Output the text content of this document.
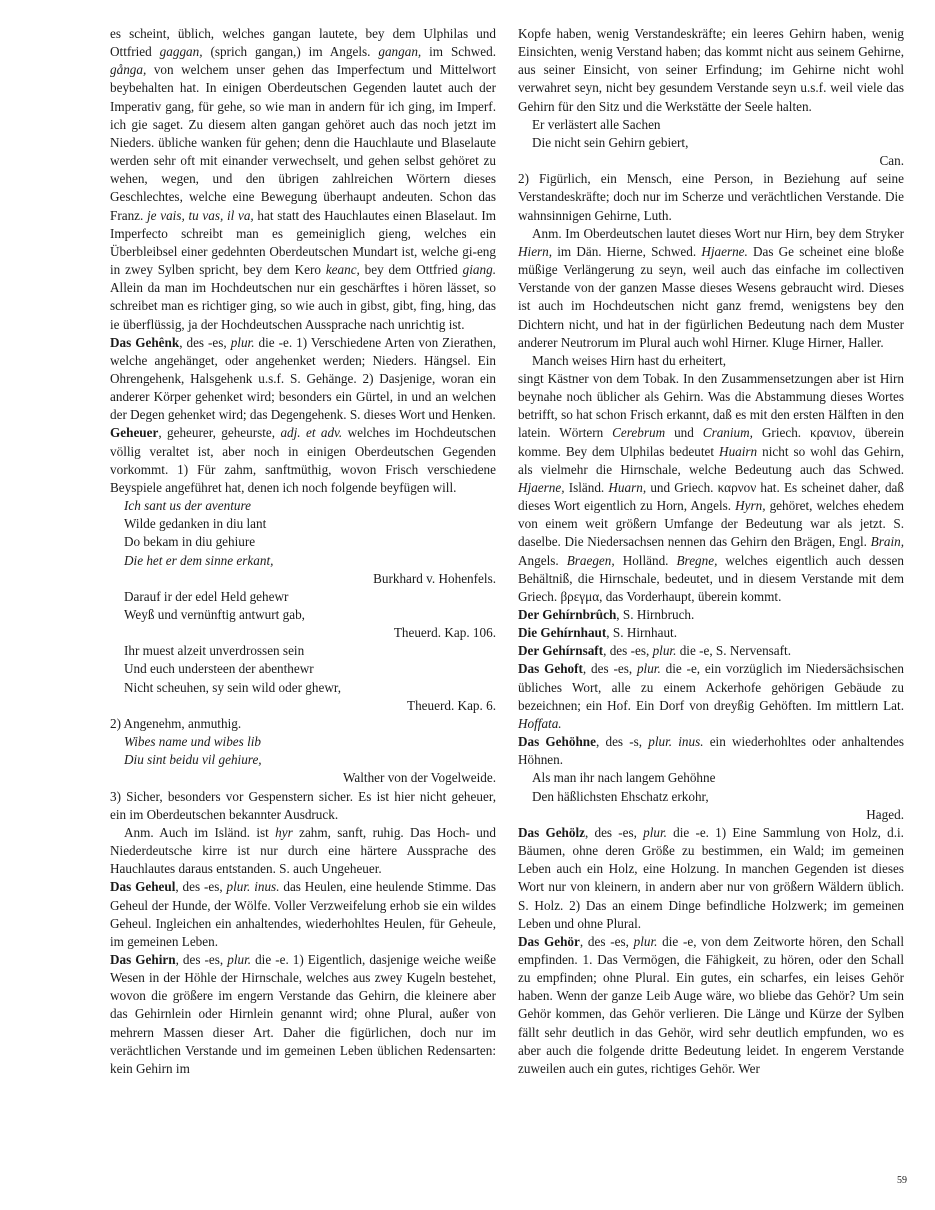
es scheint, üblich, welches gangan lautete, bey dem Ulphilas und Ottfried gaggan, (sprich gangan,) im Angels. gangan, im Schwed. gånga, von welchem unser gehen das Imperfectum und Mittelwort beybehalten hat. In einigen Oberdeutschen Gegenden lautet auch der Imperativ gang, für gehe, so wie man in andern für ich ging, im Imperf. ich gie saget. Zu diesem alten gangan gehöret auch das noch jetzt im Nieders. übliche wanken für gehen; denn die Hauchlaute und Blaselaute werden sehr oft mit einander verwechselt, und gehen selbst gehöret zu wehen, wegen, und den übrigen zahlreichen Wörtern dieses Geschlechtes, welche eine Bewegung überhaupt andeuten. Schon das Franz. je vais, tu vas, il va, hat statt des Hauchlautes einen Blaselaut. Im Imperfecto schreibt man es gemeiniglich gieng, welches ein Überbleibsel einer gedehnten Oberdeutschen Mundart ist, welche gi-eng in zwey Sylben spricht, bey dem Kero keanc, bey dem Ottfried giang. Allein da man im Hochdeutschen nur ein geschärftes i hören lässet, so schreibet man es richtiger ging, so wie auch in gibst, gibt, fing, hing, das ie überflüssig, ja der Hochdeutschen Aussprache nach unrichtig ist.

Das Gehênk, des -es, plur. die -e. 1) Verschiedene Arten von Zierathen, welche angehänget, oder angehenket werden; Nieders. Hängsel. Ein Ohrengehenk, Halsgehenk u.s.f. S. Gehänge. 2) Dasjenige, woran ein anderer Körper gehenket wird; besonders ein Gürtel, in und an welchen der Degen gehenket wird; das Degengehenk. S. dieses Wort und Henken.

Geheuer, geheurer, geheurste, adj. et adv. welches im Hochdeutschen völlig veraltet ist, aber noch in einigen Oberdeutschen Gegenden vorkommt. 1) Für zahm, sanftmüthig, wovon Frisch verschiedene Beyspiele angeführet hat, denen ich noch folgende beyfügen will.

Ich sant us der aventure
Wilde gedanken in diu lant
Do bekam in diu gehiure
Die het er dem sinne erkant,
Burkhard v. Hohenfels.
Darauf ir der edel Held gehewr
Weyß und vernünftig antwurt gab,
Theuerd. Kap. 106.
Ihr muest alzeit unverdrossen sein
Und euch understeen der abenthewr
Nicht scheuhen, sy sein wild oder ghewr,
Theuerd. Kap. 6.

2) Angenehm, anmuthig.

Wibes name und wibes lib
Diu sint beidu vil gehiure,
Walther von der Vogelweide.

3) Sicher, besonders vor Gespenstern sicher. Es ist hier nicht geheuer, ein im Oberdeutschen bekannter Ausdruck.

Anm. Auch im Isländ. ist hyr zahm, sanft, ruhig. Das Hoch- und Niederdeutsche kirre ist nur durch eine härtere Aussprache des Hauchlautes daraus entstanden. S. auch Ungeheuer.

Das Geheul, des -es, plur. inus. das Heulen, eine heulende Stimme. Das Geheul der Hunde, der Wölfe. Voller Verzweifelung erhob sie ein wildes Geheul. Ingleichen ein anhaltendes, wiederhohltes Heulen, für Geheule, im gemeinen Leben.

Das Gehirn, des -es, plur. die -e. 1) Eigentlich, dasjenige weiche weiße Wesen in der Höhle der Hirnschale, welches aus zwey Kugeln bestehet, wovon die größere im engern Verstande das Gehirn, die kleinere aber das Gehirnlein oder Hirnlein genannt wird; ohne Plural, außer von mehrern Massen dieser Art. Daher die figürlichen, doch nur im verächtlichen Verstande und im gemeinen Leben üblichen Redensarten: kein Gehirn im

Kopfe haben, wenig Verstandeskräfte; ein leeres Gehirn haben, wenig Einsichten, wenig Verstand haben; das kommt nicht aus seinem Gehirne, aus seiner Einsicht, von seiner Erfindung; im Gehirne nicht wohl verwahret seyn, nicht bey gesundem Verstande seyn u.s.f. weil viele das Gehirn für den Sitz und die Werkstätte der Seele halten.

Er verlästert alle Sachen
Die nicht sein Gehirn gebiert,
Can.

2) Figürlich, ein Mensch, eine Person, in Beziehung auf seine Verstandeskräfte; doch nur im Scherze und verächtlichen Verstande. Die wahnsinnigen Gehirne, Luth.

Anm. Im Oberdeutschen lautet dieses Wort nur Hirn, bey dem Stryker Hiern, im Dän. Hierne, Schwed. Hjaerne. Das Ge scheinet eine bloße müßige Verlängerung zu seyn, weil auch das einfache im collectiven Verstande von der ganzen Masse dieses Wesens gebraucht wird. Dieses ist auch im Hochdeutschen nicht ganz fremd, wenigstens bey den Dichtern nicht, und hat in der figürlichen Bedeutung nach dem Muster anderer Neutrorum im Plural auch wohl Hirner. Kluge Hirner, Haller.

Manch weises Hirn hast du erheitert,

singt Kästner von dem Tobak. In den Zusammensetzungen aber ist Hirn beynahe noch üblicher als Gehirn. Was die Abstammung dieses Wortes betrifft, so hat schon Frisch erkannt, daß es mit den ersten Hälften in den latein. Wörtern Cerebrum und Cranium, Griech. κρανιον, überein komme. Bey dem Ulphilas bedeutet Huairn nicht so wohl das Gehirn, als vielmehr die Hirnschale, welche Bedeutung auch das Schwed. Hjaerne, Isländ. Huarn, und Griech. καρνον hat. Es scheinet daher, daß dieses Wort eigentlich zu Horn, Angels. Hyrn, gehöret, welches ehedem von einem weit größern Umfange der Bedeutung war als jetzt. S. daselbe. Die Niedersachsen nennen das Gehirn den Brägen, Engl. Brain, Angels. Braegen, Holländ. Bregne, welches eigentlich auch dessen Behältniß, die Hirnschale, bedeutet, und in diesem Verstande mit dem Griech. βρεγμα, das Vorderhaupt, überein kommt.

Der Gehírnbrûch, S. Hirnbruch.

Die Gehírnhaut, S. Hirnhaut.

Der Gehírnsaft, des -es, plur. die -e, S. Nervensaft.

Das Gehoft, des -es, plur. die -e, ein vorzüglich im Niedersächsischen übliches Wort, alle zu einem Ackerhofe gehörigen Gebäude zu bezeichnen; ein Hof. Ein Dorf von dreyßig Gehöften. Im mittlern Lat. Hoffata.

Das Gehöhne, des -s, plur. inus. ein wiederhohltes oder anhaltendes Höhnen.

Als man ihr nach langem Gehöhne
Den häßlichsten Ehschatz erkohr,
Haged.

Das Gehölz, des -es, plur. die -e. 1) Eine Sammlung von Holz, d.i. Bäumen, ohne deren Größe zu bestimmen, ein Wald; im gemeinen Leben auch ein Holz, eine Holzung. In manchen Gegenden ist dieses Wort nur von kleinern, in andern aber nur von größern Wäldern üblich. S. Holz. 2) Das an einem Dinge befindliche Holzwerk; im gemeinen Leben und ohne Plural.

Das Gehör, des -es, plur. die -e, von dem Zeitworte hören, den Schall empfinden. 1. Das Vermögen, die Fähigkeit, zu hören, oder den Schall zu empfinden; ohne Plural. Ein gutes, ein scharfes, ein leises Gehör haben. Wenn der ganze Leib Auge wäre, wo bliebe das Gehör? Um sein Gehör kommen, das Gehör verlieren. Die Länge und Kürze der Sylben fällt sehr deutlich in das Gehör, wird sehr deutlich empfunden, wo es aber auch die folgende dritte Bedeutung leidet. In engerem Verstande zuweilen auch ein gutes, richtiges Gehör. Wer

59
